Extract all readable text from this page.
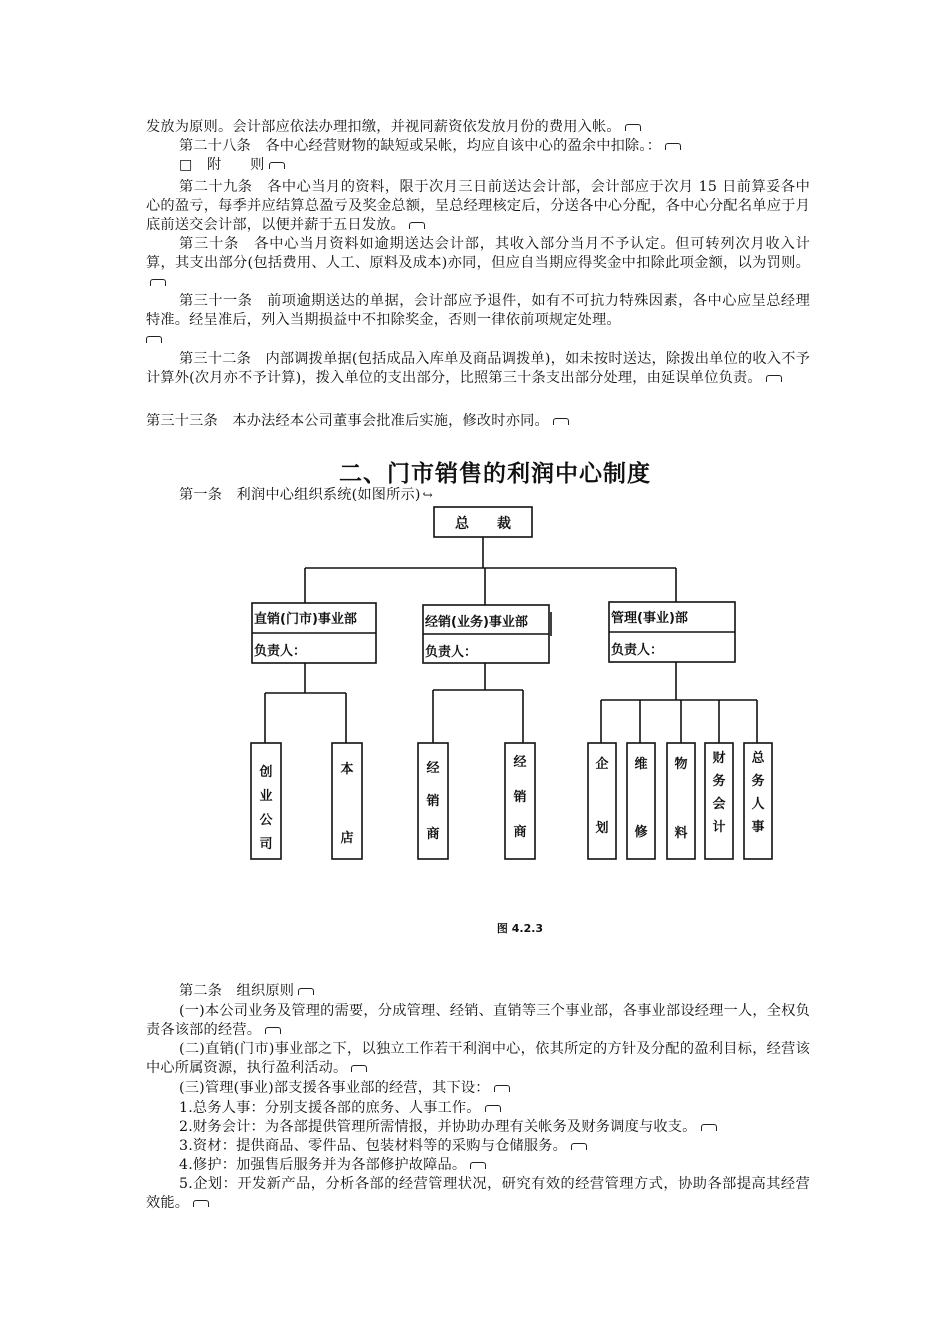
发放为原则。会计部应依法办理扣缴，并视同薪资依发放月份的费用入帐。

第二十八条　各中心经营财物的缺短或呆帐，均应自该中心的盈余中扣除。：

□　附　　则

第二十九条　各中心当月的资料，限于次月三日前送达会计部，会计部应于次月 15 日前算妥各中心的盈亏，每季并应结算总盈亏及奖金总额，呈总经理核定后，分送各中心分配，各中心分配名单应于月底前送交会计部，以便并薪于五日发放。

第三十条　各中心当月资料如逾期送达会计部，其收入部分当月不予认定。但可转列次月收入计算，其支出部分(包括费用、人工、原料及成本)亦同，但应自当期应得奖金中扣除此项金额，以为罚则。

第三十一条　前项逾期送达的单据，会计部应予退件，如有不可抗力特殊因素，各中心应呈总经理特准。经呈准后，列入当期损益中不扣除奖金，否则一律依前项规定处理。

第三十二条　内部调拨单据(包括成品入库单及商品调拨单)，如未按时送达，除拨出单位的收入不予计算外(次月亦不予计算)，拨入单位的支出部分，比照第三十条支出部分处理，由延误单位负责。

第三十三条　本办法经本公司董事会批准后实施，修改时亦同。

二、门市销售的利润中心制度

第一条　利润中心组织系统(如图所示) ↪

总　　裁
直销(门市)事业部
负责人：
经销(业务)事业部
负责人：
管理(事业)部
负责人：
创业公司
本店
经销商
经销商
企划
维修
物料
财务会计
总务人事
图 4.2.3

第二条　组织原则

(一)本公司业务及管理的需要，分成管理、经销、直销等三个事业部，各事业部设经理一人，全权负责各该部的经营。

(二)直销(门市)事业部之下，以独立工作若干利润中心，依其所定的方针及分配的盈利目标，经营该中心所属资源，执行盈利活动。

(三)管理(事业)部支援各事业部的经营，其下设：

1.总务人事：分别支援各部的庶务、人事工作。

2.财务会计：为各部提供管理所需情报，并协助办理有关帐务及财务调度与收支。

3.资材：提供商品、零件品、包装材料等的采购与仓储服务。

4.修护：加强售后服务并为各部修护故障品。

5.企划：开发新产品，分析各部的经营管理状况，研究有效的经营管理方式，协助各部提高其经营效能。
